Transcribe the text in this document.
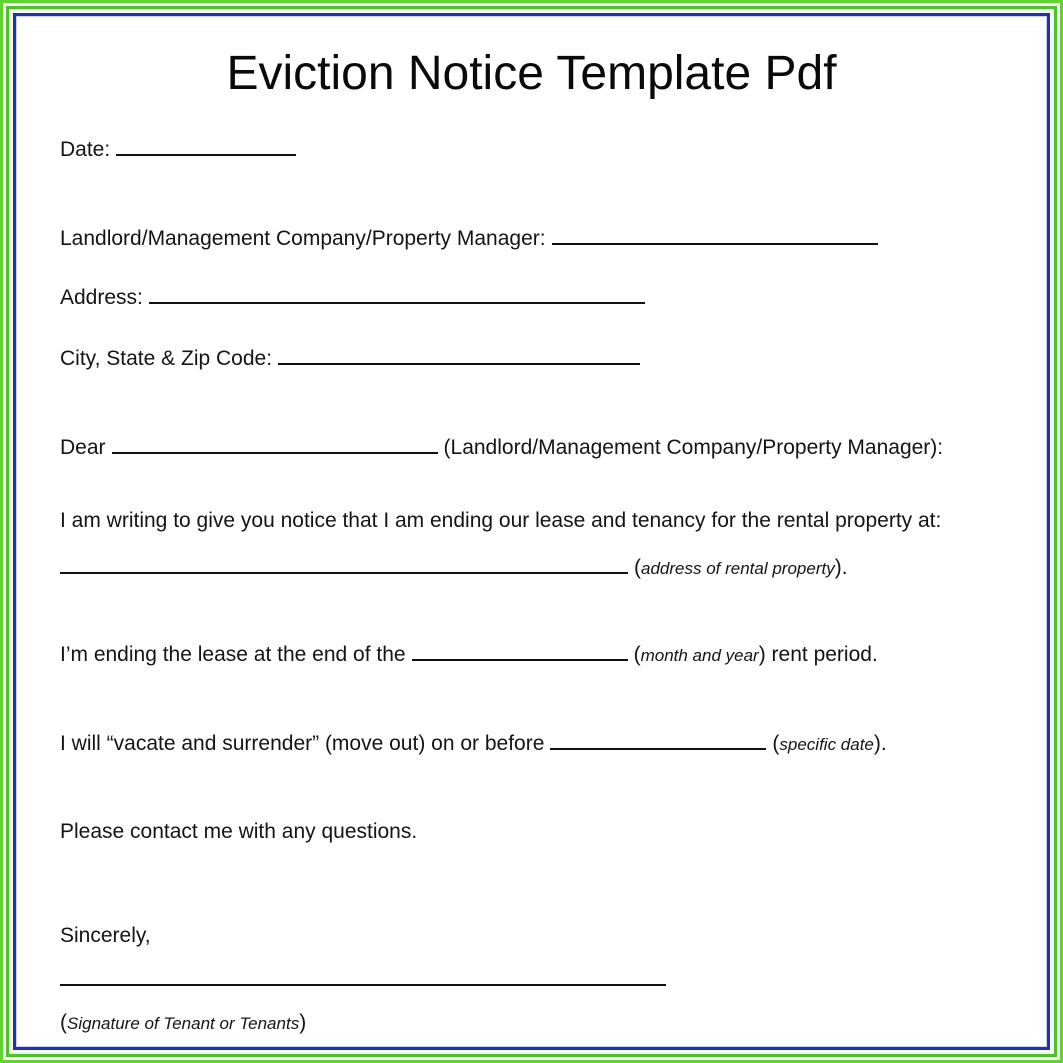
Eviction Notice Template Pdf
Date:
Landlord/Management Company/Property Manager:
Address:
City, State & Zip Code:
Dear	(Landlord/Management Company/Property Manager):
I am writing to give you notice that I am ending our lease and tenancy for the rental property at:
(address of rental property).
I’m ending the lease at the end of the	(month and year) rent period.
I will “vacate and surrender” (move out) on or before	(specific date).
Please contact me with any questions.
Sincerely,
(Signature of Tenant or Tenants)
